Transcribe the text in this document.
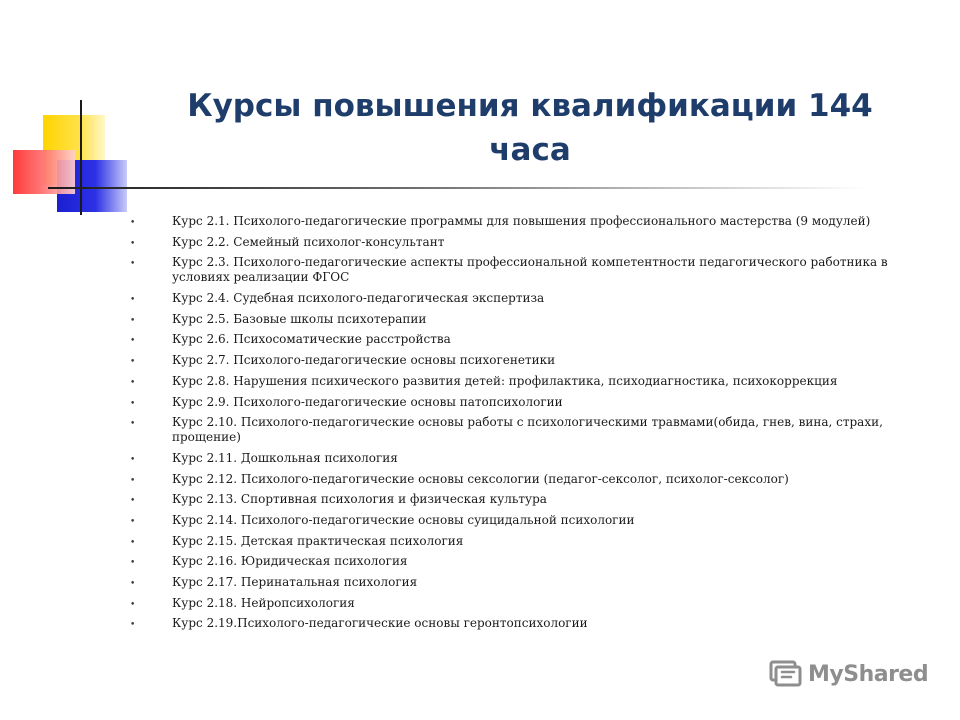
Курсы повышения квалификации 144
часа
•	Курс 2.1. Психолого-педагогические программы для повышения профессионального мастерства (9 модулей)
•	Курс 2.2. Семейный психолог-консультант
•	Курс 2.3. Психолого-педагогические аспекты профессиональной компетентности педагогического работника в условиях реализации ФГОС
•	Курс 2.4. Судебная психолого-педагогическая экспертиза
•	Курс 2.5. Базовые школы психотерапии
•	Курс 2.6. Психосоматические расстройства
•	Курс 2.7. Психолого-педагогические основы психогенетики
•	Курс 2.8. Нарушения психического развития детей: профилактика, психодиагностика, психокоррекция
•	Курс 2.9. Психолого-педагогические основы патопсихологии
•	Курс 2.10. Психолого-педагогические основы работы с психологическими травмами(обида, гнев, вина, страхи, прощение)
•	Курс 2.11. Дошкольная психология
•	Курс 2.12. Психолого-педагогические основы сексологии (педагог-сексолог, психолог-сексолог)
•	Курс 2.13. Спортивная психология и физическая культура
•	Курс 2.14. Психолого-педагогические основы суицидальной психологии
•	Курс 2.15. Детская практическая психология
•	Курс 2.16. Юридическая психология
•	Курс 2.17. Перинатальная психология
•	Курс 2.18. Нейропсихология
•	Курс 2.19.Психолого-педагогические основы геронтопсихологии
MyShared
